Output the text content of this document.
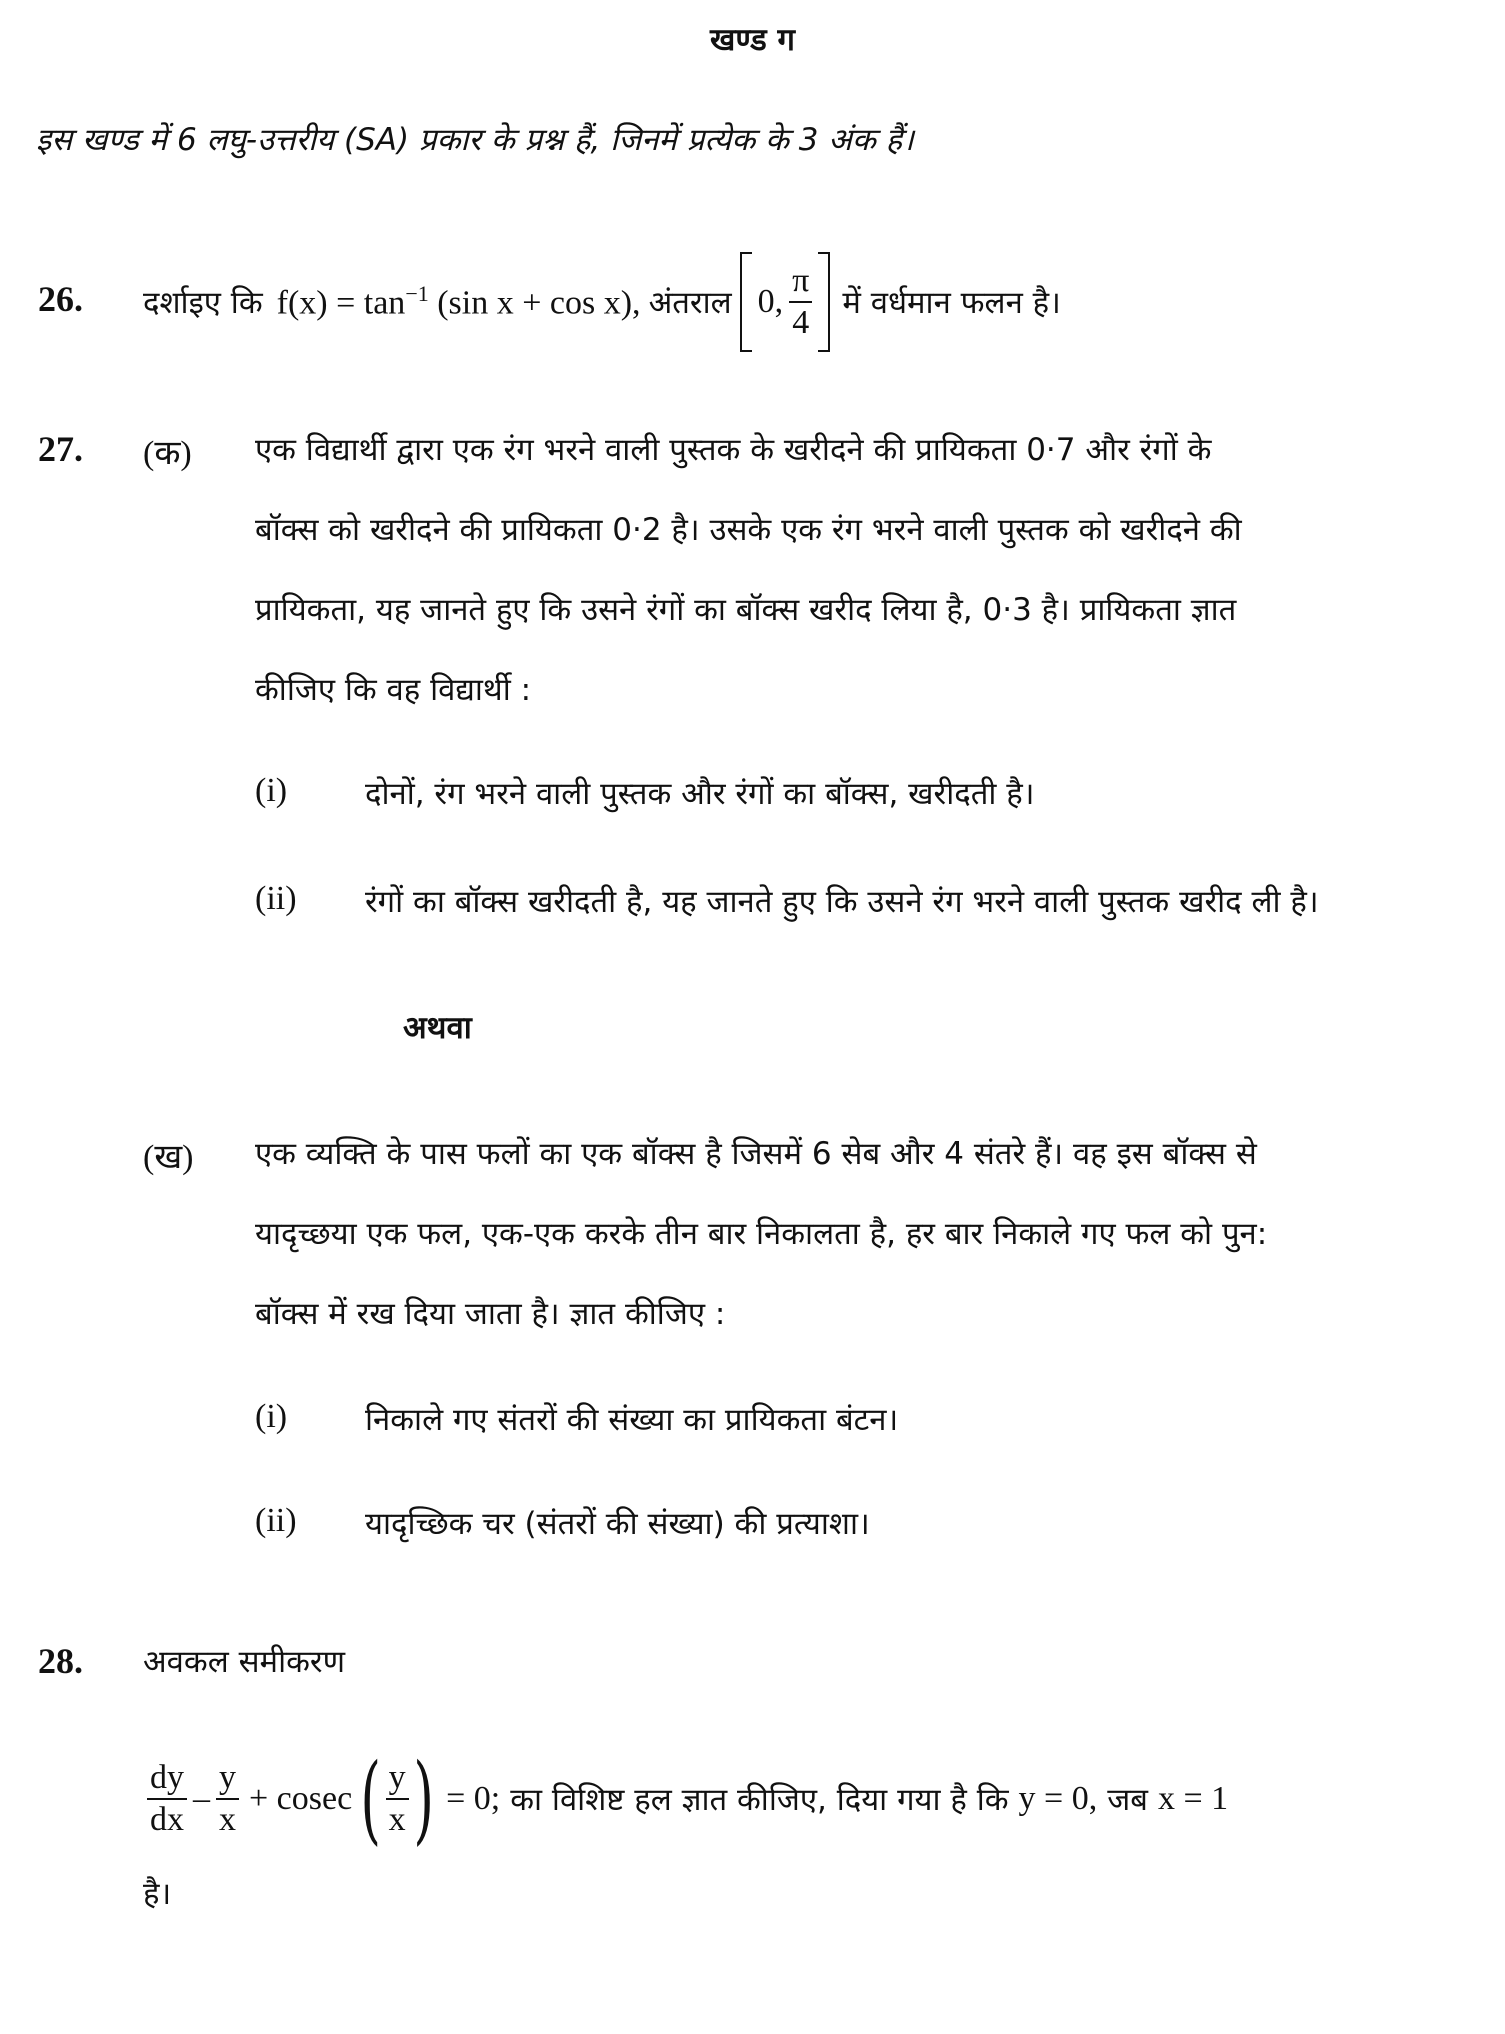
खण्ड ग
इस खण्ड में 6 लघु-उत्तरीय (SA) प्रकार के प्रश्न हैं, जिनमें प्रत्येक के 3 अंक हैं।
26. दर्शाइए कि $f(x) = \tan^{-1} (\sin$ x + cos x), अंतराल 0, $\frac{\pi}{4}$ में वर्धमान फलन है।
27. (क) एक विद्यार्थी द्वारा एक रंग भरने वाली पुस्तक के खरीदने की प्रायिकता 0·7 और रंगों के
बॉक्स को खरीदने की प्रायिकता 0·2 है। उसके एक रंग भरने वाली पुस्तक को खरीदने की
प्रायिकता, यह जानते हुए कि उसने रंगों का बॉक्स खरीद लिया है, 0·3 है। प्रायिकता ज्ञात
कीजिए कि वह विद्यार्थी :
(i)	दोनों, रंग भरने वाली पुस्तक और रंगों का बॉक्स, खरीदती है।
(ii) रंगों का बॉक्स खरीदती है, यह जानते हुए कि उसने रंग भरने वाली पुस्तक खरीद ली है।
अथवा
(ख) एक व्यक्ति के पास फलों का एक बॉक्स है जिसमें 6 सेब और 4 संतरे हैं। वह इस बॉक्स से
यादृच्छया एक फल, एक-एक करके तीन बार निकालता है, हर बार निकाले गए फल को पुन:
बॉक्स में रख दिया जाता है। ज्ञात कीजिए :
(i)	निकाले गए संतरों की संख्या का प्रायिकता बंटन।
(ii) यादृच्छिक चर (संतरों की संख्या) की प्रत्याशा।
28. अवकल समीकरण
$\frac{dy}{dx} - \frac{y}{x} + cosec$ ( $\frac{y}{x}$ ) = 0; का विशिष्ट हल ज्ञात कीजिए, दिया गया है कि y = 0, जब x = 1
है।
